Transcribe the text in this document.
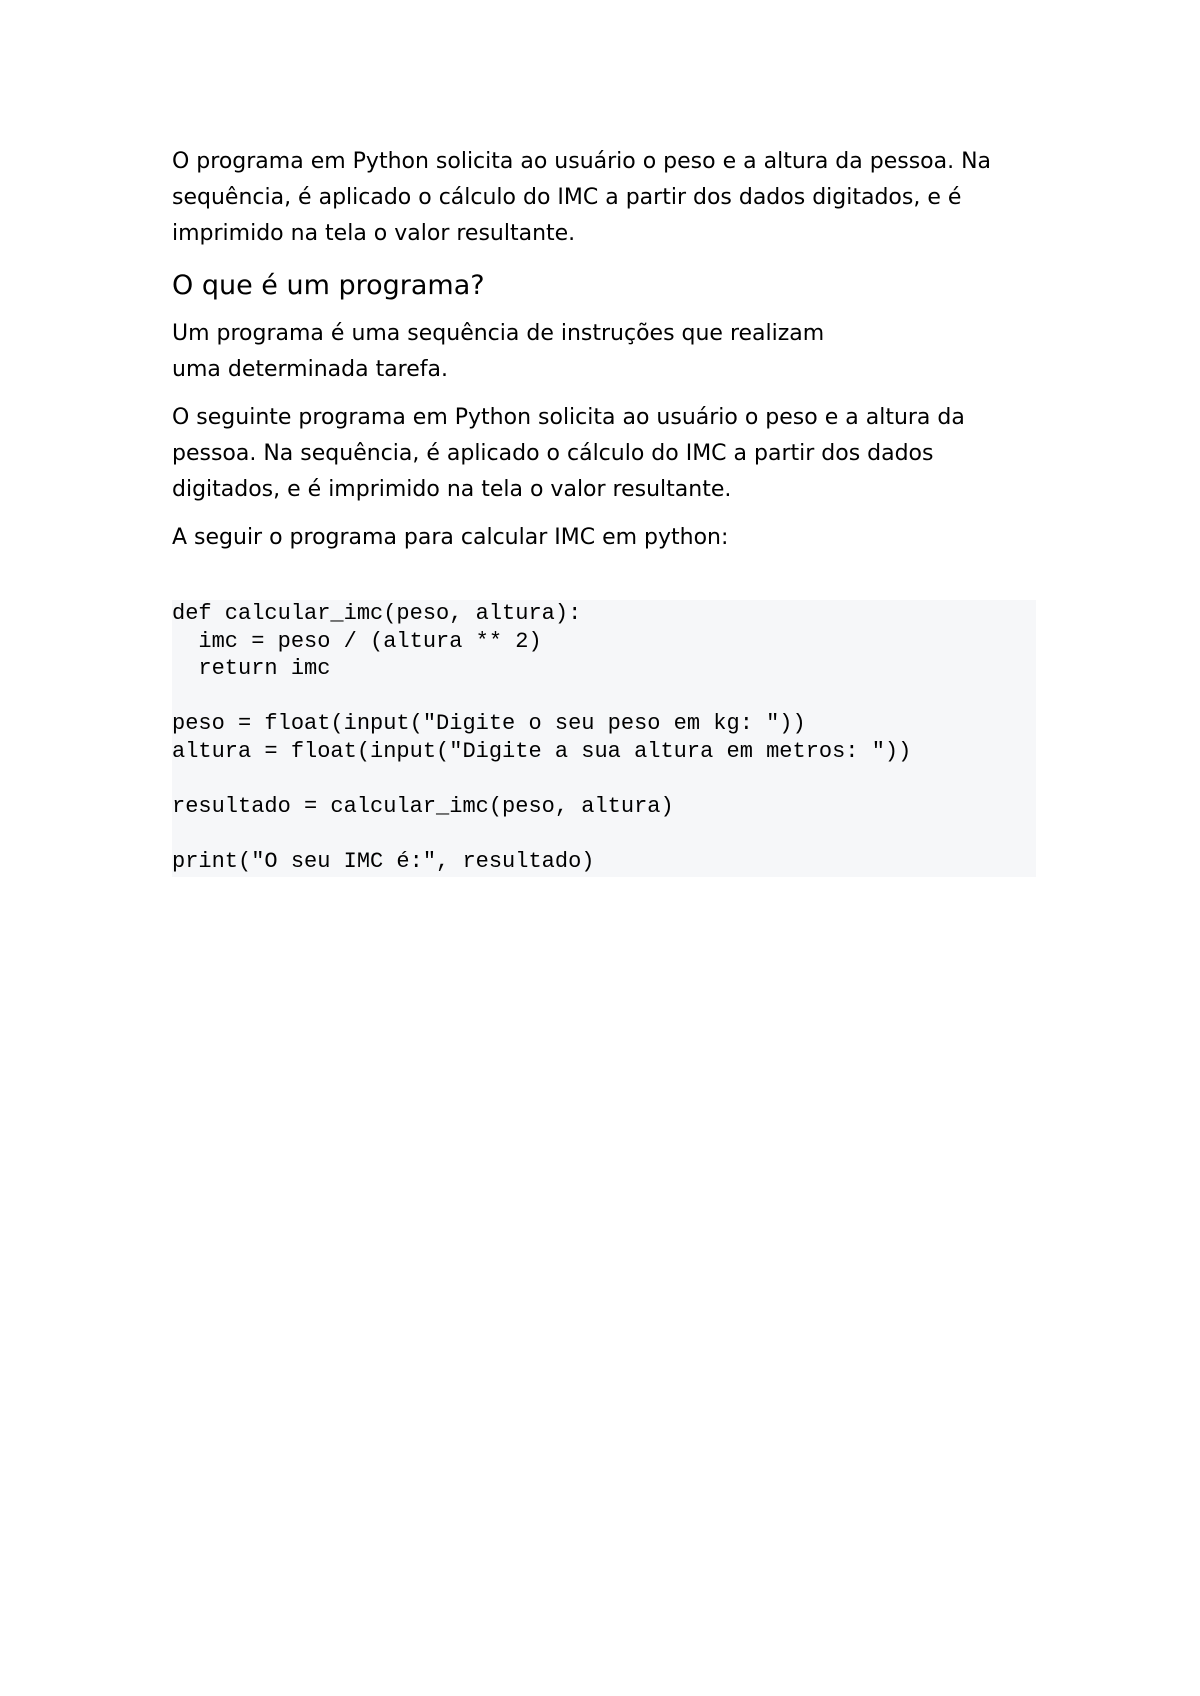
O programa em Python solicita ao usuário o peso e a altura da pessoa. Na
sequência, é aplicado o cálculo do IMC a partir dos dados digitados, e é
imprimido na tela o valor resultante.

O que é um programa?

Um programa é uma sequência de instruções que realizam
uma determinada tarefa.

O seguinte programa em Python solicita ao usuário o peso e a altura da
pessoa. Na sequência, é aplicado o cálculo do IMC a partir dos dados
digitados, e é imprimido na tela o valor resultante.

A seguir o programa para calcular IMC em python:

def calcular_imc(peso, altura):
imc = peso / (altura ** 2)
return imc
peso = float(input("Digite o seu peso em kg: "))
altura = float(input("Digite a sua altura em metros: "))
resultado = calcular_imc(peso, altura)
print("O seu IMC é:", resultado)
